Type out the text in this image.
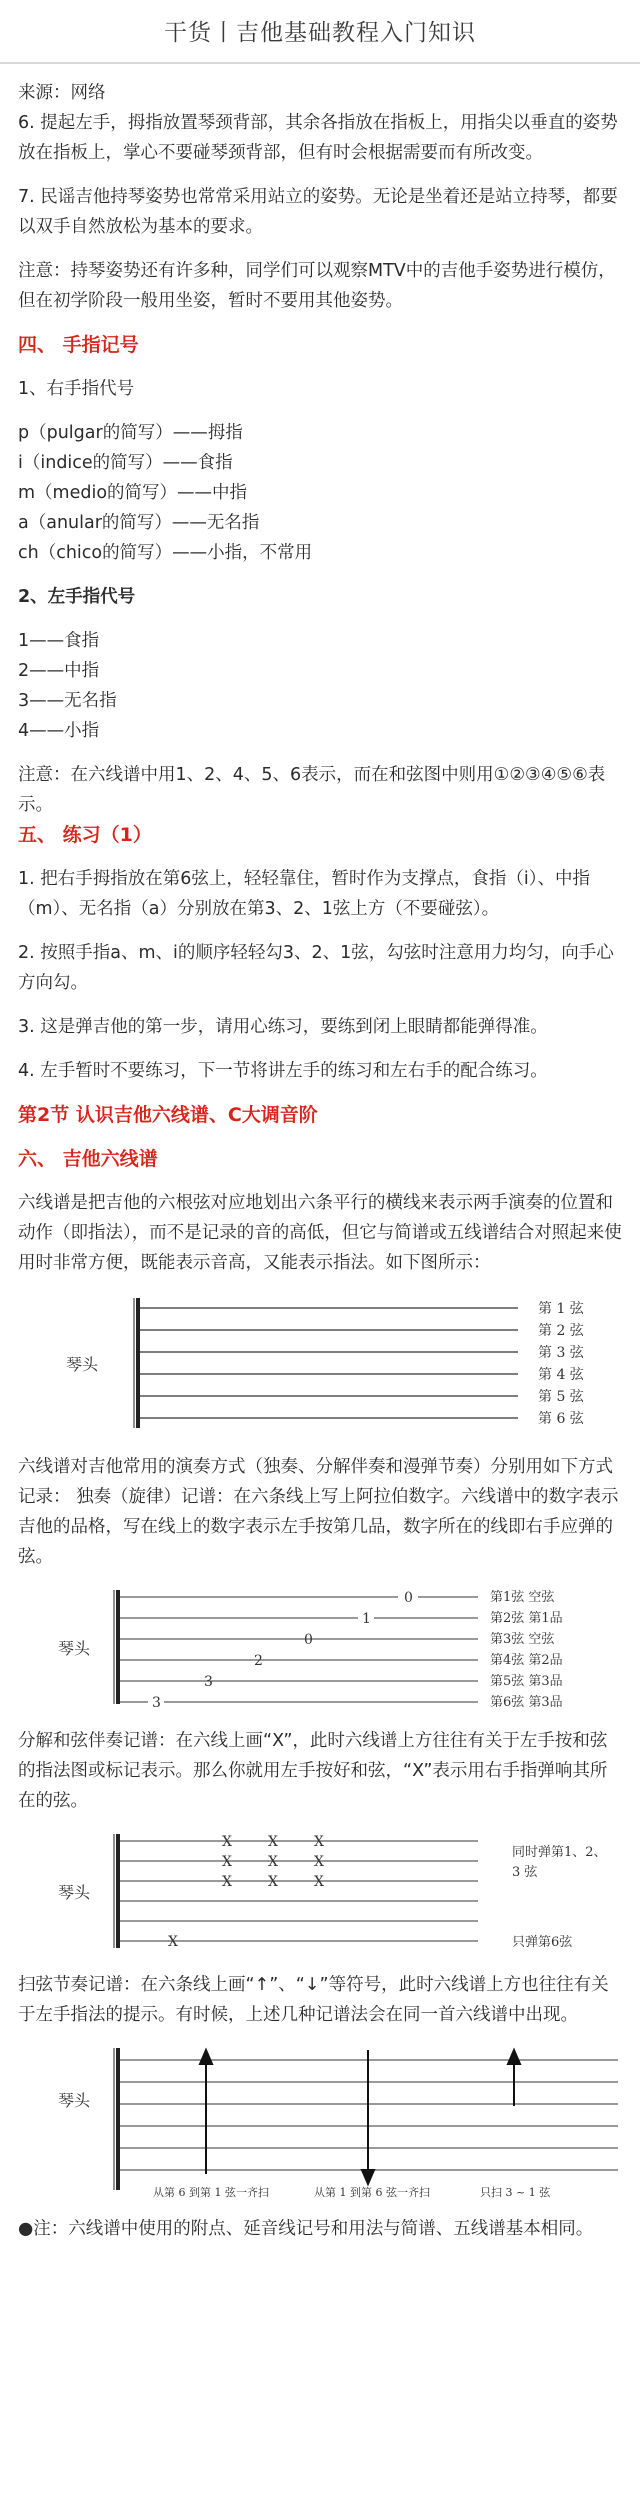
干货丨吉他基础教程入门知识

来源：网络

6. 提起左手，拇指放置琴颈背部，其余各指放在指板上，用指尖以垂直的姿势放在指板上，掌心不要碰琴颈背部，但有时会根据需要而有所改变。

7. 民谣吉他持琴姿势也常常采用站立的姿势。无论是坐着还是站立持琴，都要以双手自然放松为基本的要求。

注意：持琴姿势还有许多种，同学们可以观察MTV中的吉他手姿势进行模仿，但在初学阶段一般用坐姿，暂时不要用其他姿势。

四、 手指记号

1、右手指代号

p（pulgar的简写）——拇指

i（indice的简写）——食指

m（medio的简写）——中指

a（anular的简写）——无名指

ch（chico的简写）——小指，不常用

2、左手指代号

1——食指

2——中指

3——无名指

4——小指

注意：在六线谱中用1、2、4、5、6表示，而在和弦图中则用①②③④⑤⑥表示。

五、 练习（1）

1. 把右手拇指放在第6弦上，轻轻靠住，暂时作为支撑点，食指（i）、中指（m）、无名指（a）分别放在第3、2、1弦上方（不要碰弦）。

2. 按照手指a、m、i的顺序轻轻勾3、2、1弦，勾弦时注意用力均匀，向手心方向勾。

3. 这是弹吉他的第一步，请用心练习，要练到闭上眼睛都能弹得准。

4. 左手暂时不要练习，下一节将讲左手的练习和左右手的配合练习。

第2节 认识吉他六线谱、C大调音阶

六、 吉他六线谱

六线谱是把吉他的六根弦对应地划出六条平行的横线来表示两手演奏的位置和动作（即指法），而不是记录的音的高低，但它与简谱或五线谱结合对照起来使用时非常方便，既能表示音高，又能表示指法。如下图所示：

琴头
第 1 弦
第 2 弦
第 3 弦
第 4 弦
第 5 弦
第 6 弦

六线谱对吉他常用的演奏方式（独奏、分解伴奏和漫弹节奏）分别用如下方式记录： 独奏（旋律）记谱：在六条线上写上阿拉伯数字。六线谱中的数字表示吉他的品格，写在线上的数字表示左手按第几品，数字所在的线即右手应弹的弦。

琴头
0
1
0
2
3
3
第1弦 空弦
第2弦 第1品
第3弦 空弦
第4弦 第2品
第5弦 第3品
第6弦 第3品

分解和弦伴奏记谱：在六线上画“X”，此时六线谱上方往往有关于左手按和弦的指法图或标记表示。那么你就用左手按好和弦，“X”表示用右手指弹响其所在的弦。

琴头
X	X	X
X	X	X
X	X	X
X
同时弹第1、2、
3 弦
只弹第6弦

扫弦节奏记谱：在六条线上画“↑”、“↓”等符号，此时六线谱上方也往往有关于左手指法的提示。有时候，上述几种记谱法会在同一首六线谱中出现。

琴头
从第 6 到第 1 弦一齐扫	从第 1 到第 6 弦一齐扫	只扫 3 ~ 1 弦

●注：六线谱中使用的附点、延音线记号和用法与简谱、五线谱基本相同。
